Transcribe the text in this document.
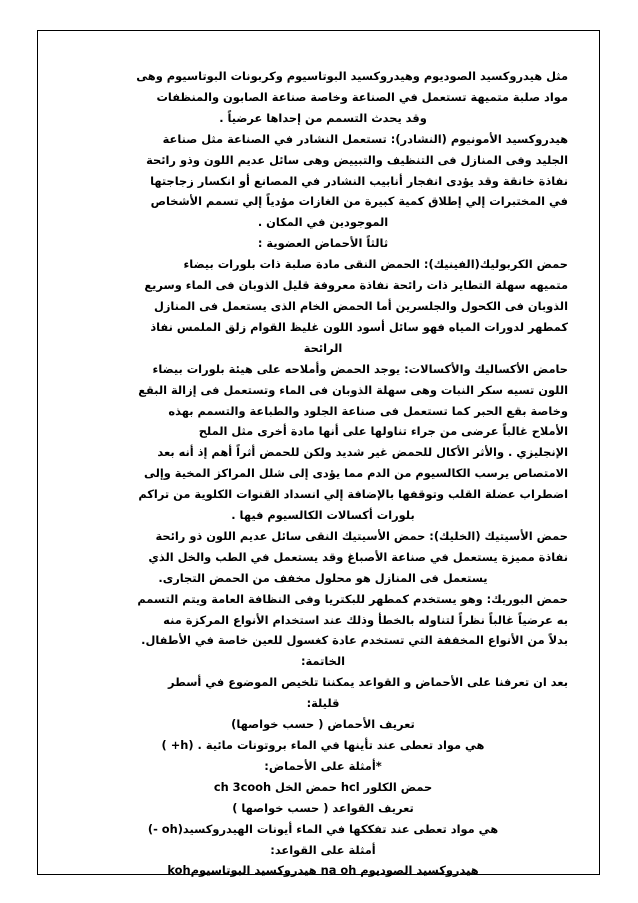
مثل هيدروكسيد الصوديوم وهيدروكسيد البوتاسيوم وكربونات البوتاسيوم وهى

مواد صلبة متميهة تستعمل في الصناعة وخاصة صناعة الصابون والمنظفات

وقد يحدث التسمم من إحداها عرضياً .

هيدروكسيد الأمونيوم (النشادر): تستعمل النشادر في الصناعة مثل صناعة

الجليد وفى المنازل فى التنظيف والتبييض وهى سائل عديم اللون وذو رائحة

نفاذة خانقة وقد يؤدى انفجار أنابيب النشادر في المصانع أو انكسار زجاجتها

في المختبرات إلي إطلاق كمية كبيرة من الغازات مؤدياً إلي تسمم الأشخاص

الموجودين في المكان .

ثالثاً الأحماض العضوية :

حمض الكربوليك(الفينيك): الحمض النقى مادة صلبة ذات بلورات بيضاء

متميهه سهلة التطاير ذات رائحة نفاذة معروفة قليل الذوبان فى الماء وسريع

الذوبان فى الكحول والجلسرين أما الحمض الخام الذى يستعمل فى المنازل

كمطهر لدورات المياه فهو سائل أسود اللون غليظ القوام زلق الملمس نفاذ

الرائحة

حامض الأكساليك والأكسالات: يوجد الحمض وأملاحه على هيئة بلورات بيضاء

اللون تسيه سكر النبات وهى سهلة الذوبان فى الماء وتستعمل فى إزالة البقع

وخاصة بقع الحبر كما تستعمل فى صناعة الجلود والطباعة والتسمم بهذه

الأملاح غالباً عرضى من جراء تناولها على أنها مادة أخرى مثل الملح

الإنجليزي . والأثر الأكال للحمض غير شديد ولكن للحمض أثراً أهم إذ أنه بعد

الامتصاص يرسب الكالسيوم من الدم مما يؤدى إلى شلل المراكز المخية وإلى

اضطراب عضلة القلب وتوقفها بالإضافة إلي انسداد القنوات الكلوية من تراكم

بلورات أكسالات الكالسيوم فيها .

حمض الأسيتيك (الخليك): حمض الأسيتيك النقى سائل عديم اللون ذو رائحة

نفاذة مميزة يستعمل في صناعة الأصباغ وقد يستعمل في الطب والخل الذي

يستعمل فى المنازل هو محلول مخفف من الحمض التجارى.

حمض البوريك: وهو يستخدم كمطهر للبكتريا وفى النظافة العامة ويتم التسمم

به عرضياً غالباً نظراً لتناوله بالخطأ وذلك عند استخدام الأنواع المركزة منه

بدلاً من الأنواع المخففة التي تستخدم عادة كغسول للعين خاصة في الأطفال.

الخاتمة:

بعد ان تعرفنا على الأحماض و القواعد يمكننا تلخيص الموضوع في أسطر

قليلة:

تعريف الأحماض ( حسب خواصها)

هي مواد تعطى عند تأينها في الماء بروتونات مائية . (h+ )

*أمثلة على الأحماض:

حمض الكلور hcl حمض الخل ch 3cooh

تعريف القواعد ( حسب خواصها )

هي مواد تعطى عند تفككها في الماء أيونات الهيدروكسيد(oh -)

أمثلة على القواعد:

هيدروكسيد الصوديوم na oh هيدروكسيد البوتاسيومkoh
